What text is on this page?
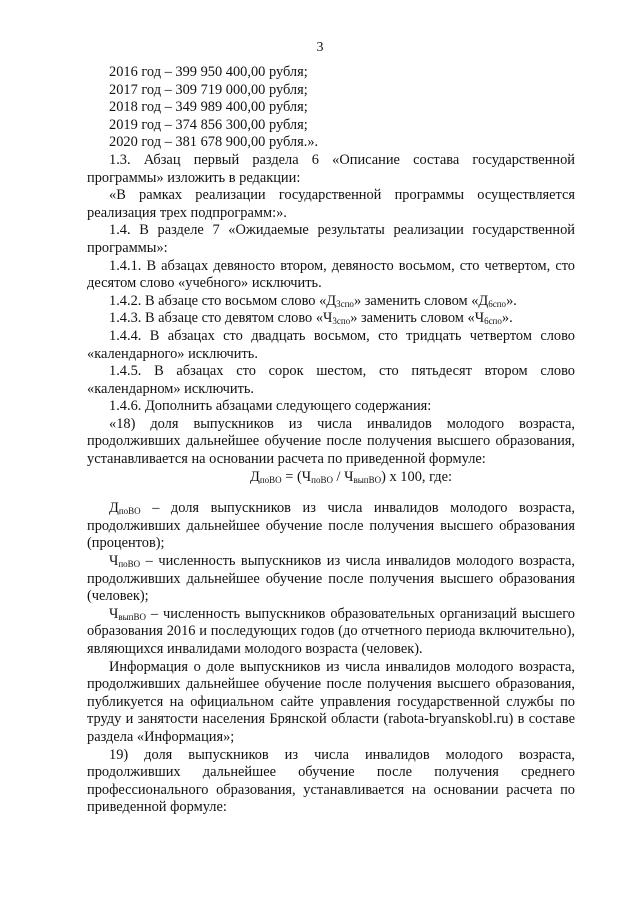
3

2016 год – 399 950 400,00 рубля;

2017 год – 309 719 000,00 рубля;

2018 год – 349 989 400,00 рубля;

2019 год – 374 856 300,00 рубля;

2020 год – 381 678 900,00 рубля.».

1.3. Абзац первый раздела 6 «Описание состава государственной программы» изложить в редакции:

«В рамках реализации государственной программы осуществляется реализация трех подпрограмм:».

1.4. В разделе 7 «Ожидаемые результаты реализации государственной программы»:

1.4.1. В абзацах девяносто втором, девяносто восьмом, сто четвертом, сто десятом слово «учебного» исключить.

1.4.2. В абзаце сто восьмом слово «$Д_{3спо}$» заменить словом «$Д_{6спо}$».

1.4.3. В абзаце сто девятом слово «$Ч_{3спо}$» заменить словом «$Ч_{6спо}$».

1.4.4. В абзацах сто двадцать восьмом, сто тридцать четвертом слово «календарного» исключить.

1.4.5. В абзацах сто сорок шестом, сто пятьдесят втором слово «календарном» исключить.

1.4.6. Дополнить абзацами следующего содержания:

«18) доля выпускников из числа инвалидов молодого возраста, продолживших дальнейшее обучение после получения высшего образования, устанавливается на основании расчета по приведенной формуле:

$Д_{поВО} = (Ч_{поВО} / Ч_{выпВО})$ х 100, где:

$Д_{поВО}$ – доля выпускников из числа инвалидов молодого возраста, продолживших дальнейшее обучение после получения высшего образования (процентов);

$Ч_{поВО}$ – численность выпускников из числа инвалидов молодого возраста, продолживших дальнейшее обучение после получения высшего образования (человек);

$Ч_{выпВО}$ – численность выпускников образовательных организаций высшего образования 2016 и последующих годов (до отчетного периода включительно), являющихся инвалидами молодого возраста (человек).

Информация о доле выпускников из числа инвалидов молодого возраста, продолживших дальнейшее обучение после получения высшего образования, публикуется на официальном сайте управления государственной службы по труду и занятости населения Брянской области (rabota-bryanskobl.ru) в составе раздела «Информация»;

19) доля выпускников из числа инвалидов молодого возраста, продолживших дальнейшее обучение после получения среднего профессионального образования, устанавливается на основании расчета по приведенной формуле:
